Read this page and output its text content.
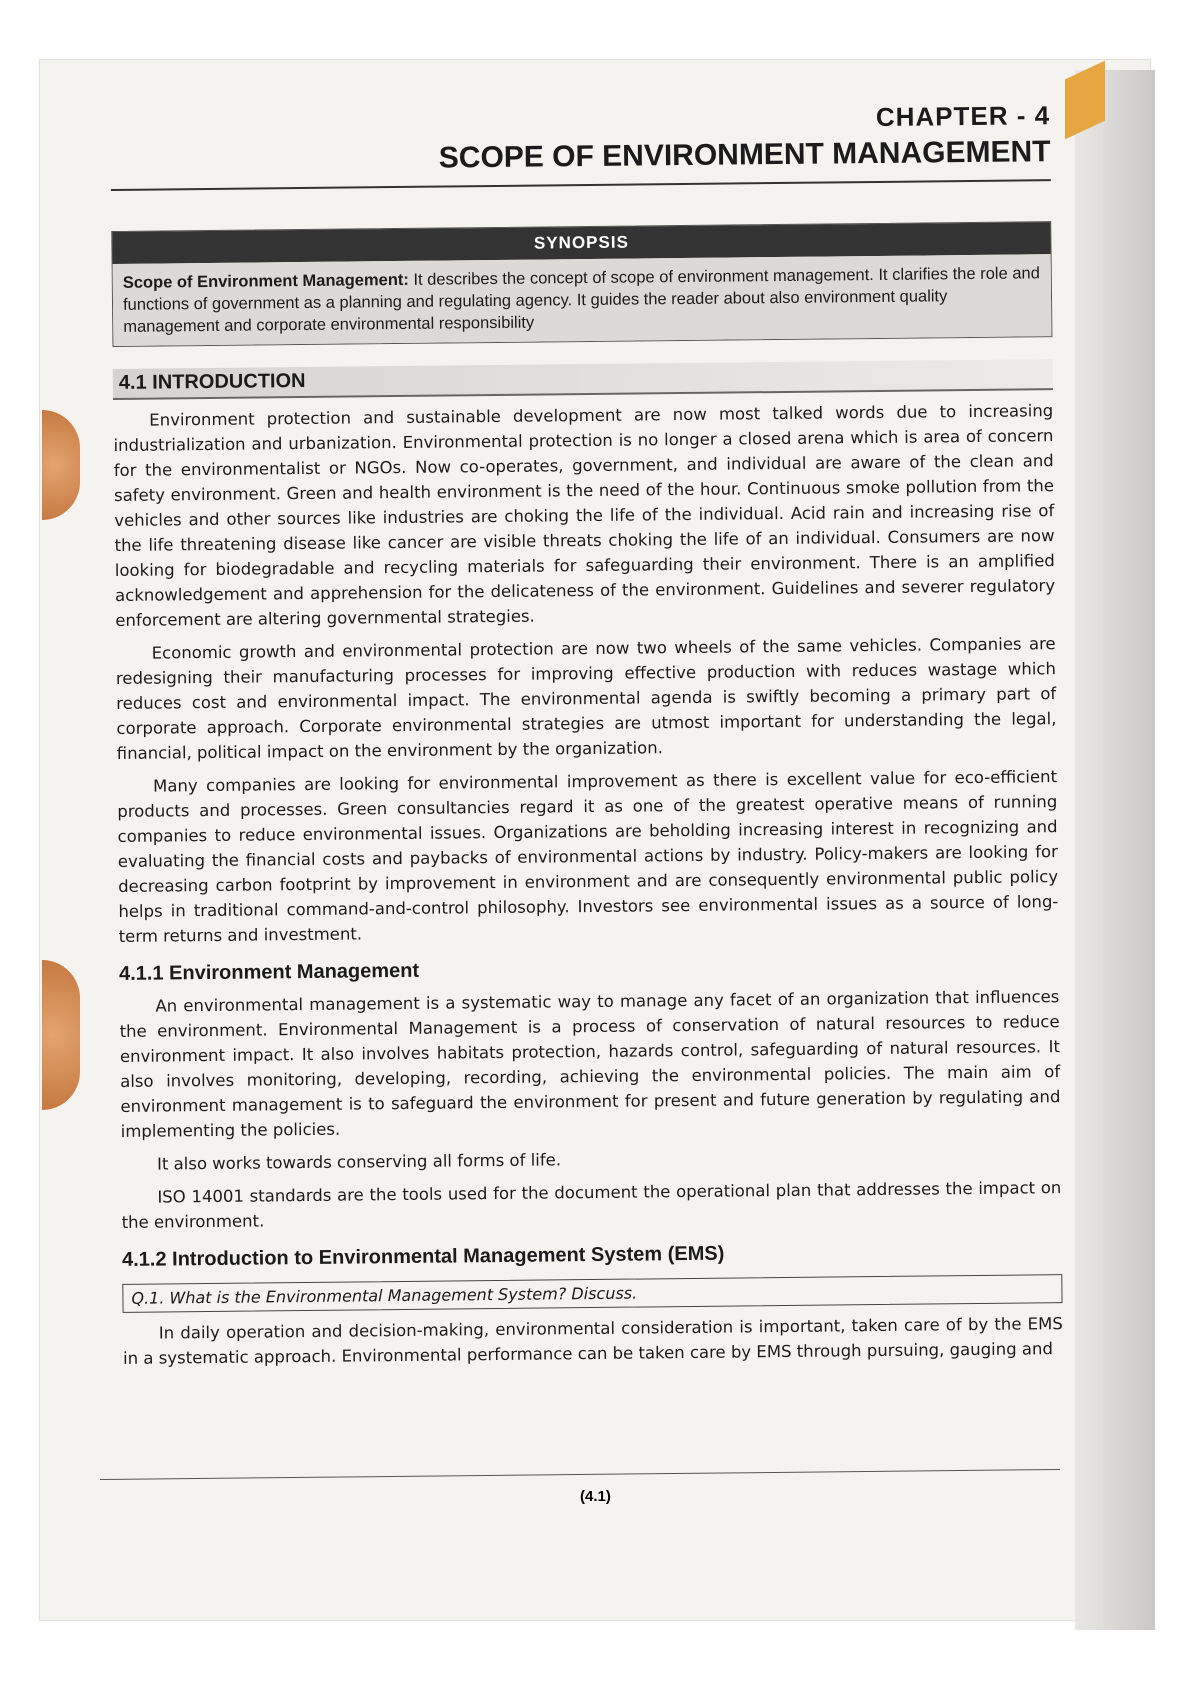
CHAPTER - 4
SCOPE OF ENVIRONMENT MANAGEMENT
SYNOPSIS
Scope of Environment Management: It describes the concept of scope of environment management. It clarifies the role and functions of government as a planning and regulating agency. It guides the reader about also environment quality management and corporate environmental responsibility
4.1 INTRODUCTION

Environment protection and sustainable development are now most talked words due to increasing industrialization and urbanization. Environmental protection is no longer a closed arena which is area of concern for the environmentalist or NGOs. Now co-operates, government, and individual are aware of the clean and safety environment. Green and health environment is the need of the hour. Continuous smoke pollution from the vehicles and other sources like industries are choking the life of the individual. Acid rain and increasing rise of the life threatening disease like cancer are visible threats choking the life of an individual. Consumers are now looking for biodegradable and recycling materials for safeguarding their environment. There is an amplified acknowledgement and apprehension for the delicateness of the environment. Guidelines and severer regulatory enforcement are altering governmental strategies.

Economic growth and environmental protection are now two wheels of the same vehicles. Companies are redesigning their manufacturing processes for improving effective production with reduces wastage which reduces cost and environmental impact. The environmental agenda is swiftly becoming a primary part of corporate approach. Corporate environmental strategies are utmost important for understanding the legal, financial, political impact on the environment by the organization.

Many companies are looking for environmental improvement as there is excellent value for eco-efficient products and processes. Green consultancies regard it as one of the greatest operative means of running companies to reduce environmental issues. Organizations are beholding increasing interest in recognizing and evaluating the financial costs and paybacks of environmental actions by industry. Policy-makers are looking for decreasing carbon footprint by improvement in environment and are consequently environmental public policy helps in traditional command-and-control philosophy. Investors see environmental issues as a source of long-term returns and investment.

4.1.1 Environment Management

An environmental management is a systematic way to manage any facet of an organization that influences the environment. Environmental Management is a process of conservation of natural resources to reduce environment impact. It also involves habitats protection, hazards control, safeguarding of natural resources. It also involves monitoring, developing, recording, achieving the environmental policies. The main aim of environment management is to safeguard the environment for present and future generation by regulating and implementing the policies.

It also works towards conserving all forms of life.

ISO 14001 standards are the tools used for the document the operational plan that addresses the impact on the environment.

4.1.2 Introduction to Environmental Management System (EMS)
Q.1. What is the Environmental Management System? Discuss.

In daily operation and decision-making, environmental consideration is important, taken care of by the EMS in a systematic approach. Environmental performance can be taken care by EMS through pursuing, gauging and

(4.1)
